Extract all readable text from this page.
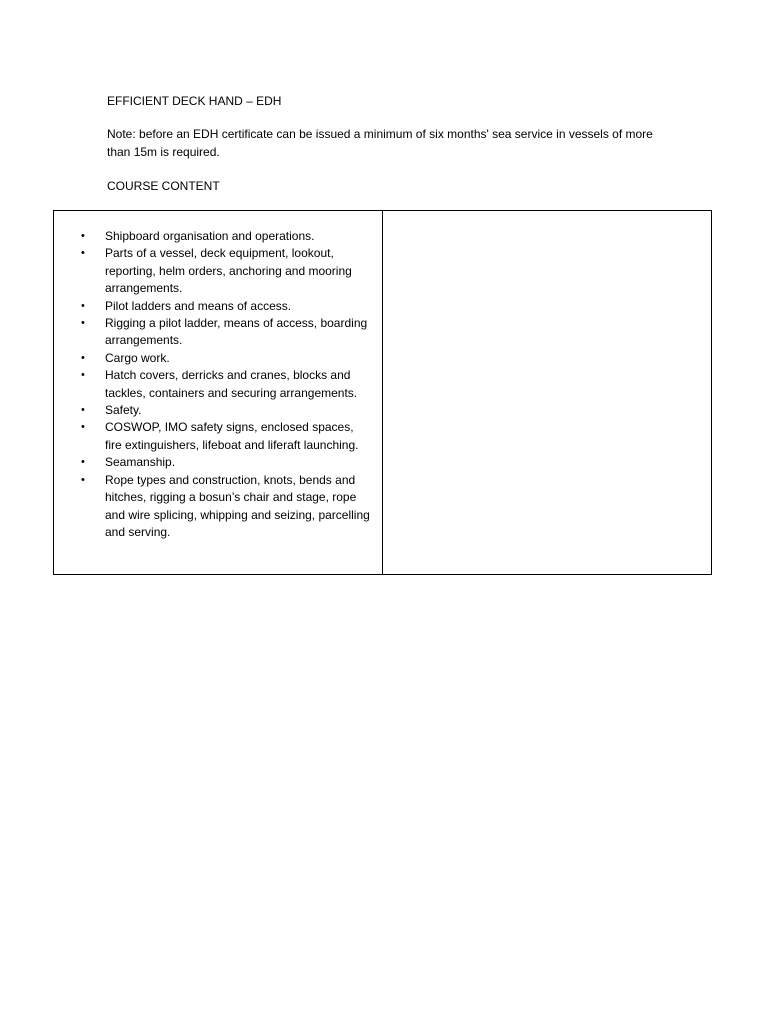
EFFICIENT DECK HAND – EDH
Note: before an EDH certificate can be issued a minimum of six months' sea service in vessels of more than 15m is required.
COURSE CONTENT
• Shipboard organisation and operations.
• Parts of a vessel, deck equipment, lookout, reporting, helm orders, anchoring and mooring arrangements.
• Pilot ladders and means of access.
• Rigging a pilot ladder, means of access, boarding arrangements.
• Cargo work.
• Hatch covers, derricks and cranes, blocks and tackles, containers and securing arrangements.
• Safety.
• COSWOP, IMO safety signs, enclosed spaces, fire extinguishers, lifeboat and liferaft launching.
• Seamanship.
• Rope types and construction, knots, bends and hitches, rigging a bosun’s chair and stage, rope and wire splicing, whipping and seizing, parcelling and serving.
